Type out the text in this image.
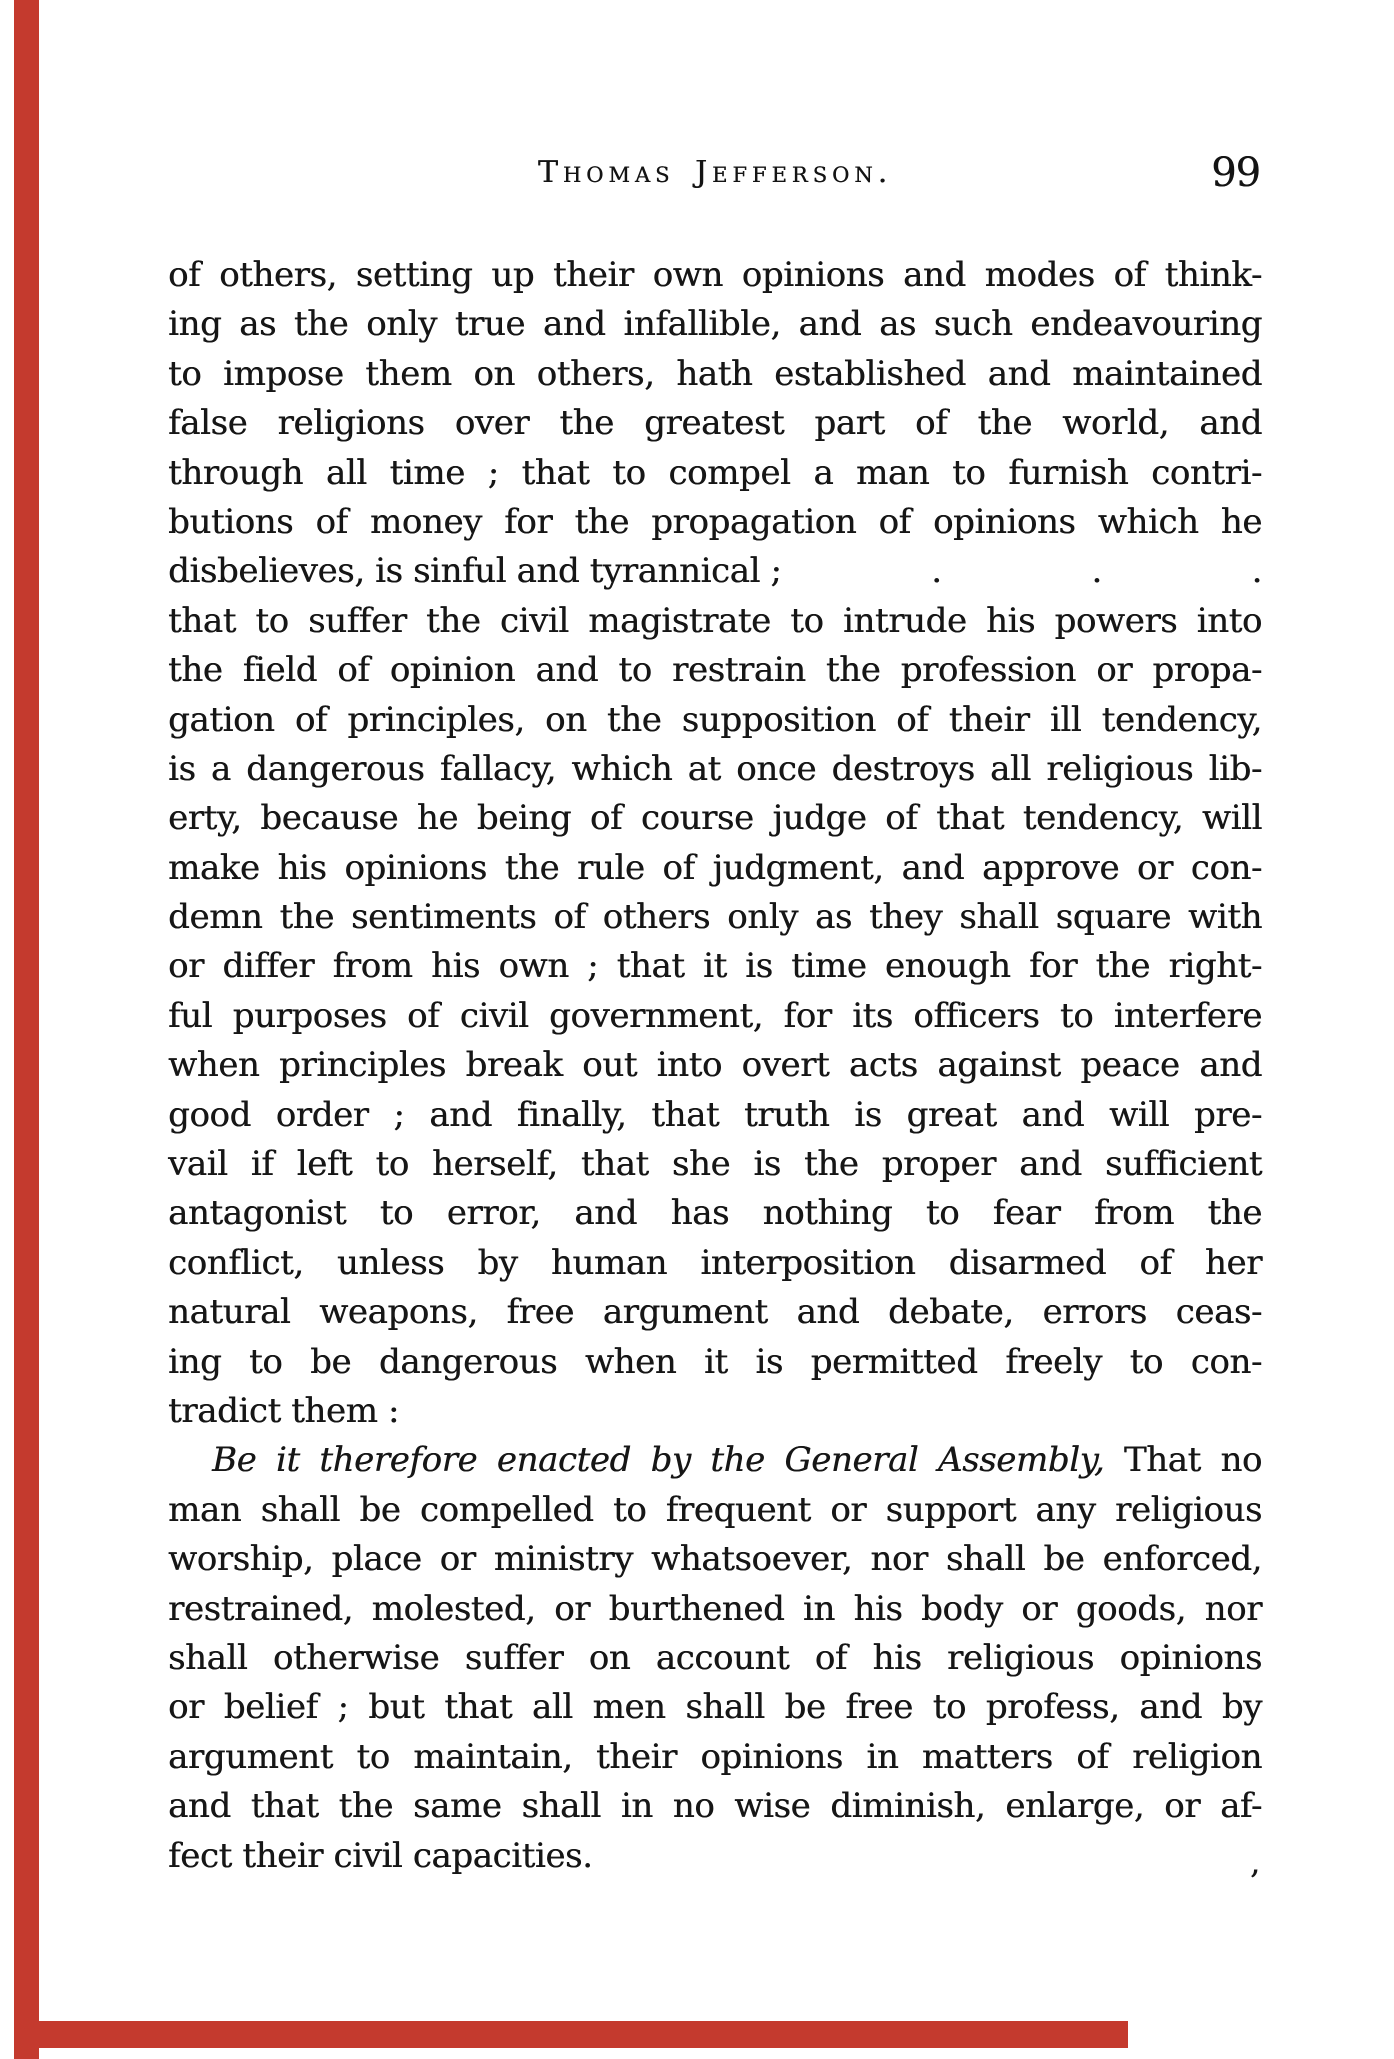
Thomas Jefferson.	99
of others, setting up their own opinions and modes of think-
ing as the only true and infallible, and as such endeavouring
to impose them on others, hath established and maintained
false religions over the greatest part of the world, and
through all time ; that to compel a man to furnish contri-
butions of money for the propagation of opinions which he
disbelieves, is sinful and tyrannical ;	.	.	.
that to suffer the civil magistrate to intrude his powers into
the field of opinion and to restrain the profession or propa-
gation of principles, on the supposition of their ill tendency,
is a dangerous fallacy, which at once destroys all religious lib-
erty, because he being of course judge of that tendency, will
make his opinions the rule of judgment, and approve or con-
demn the sentiments of others only as they shall square with
or differ from his own ; that it is time enough for the right-
ful purposes of civil government, for its officers to interfere
when principles break out into overt acts against peace and
good order ; and finally, that truth is great and will pre-
vail if left to herself, that she is the proper and sufficient
antagonist to error, and has nothing to fear from the
conflict, unless by human interposition disarmed of her
natural weapons, free argument and debate, errors ceas-
ing to be dangerous when it is permitted freely to con-
tradict them :
Be it therefore enacted by the General Assembly, That no
man shall be compelled to frequent or support any religious
worship, place or ministry whatsoever, nor shall be enforced,
restrained, molested, or burthened in his body or goods, nor
shall otherwise suffer on account of his religious opinions
or belief ; but that all men shall be free to profess, and by
argument to maintain, their opinions in matters of religion
and that the same shall in no wise diminish, enlarge, or af-
fect their civil capacities.	,
